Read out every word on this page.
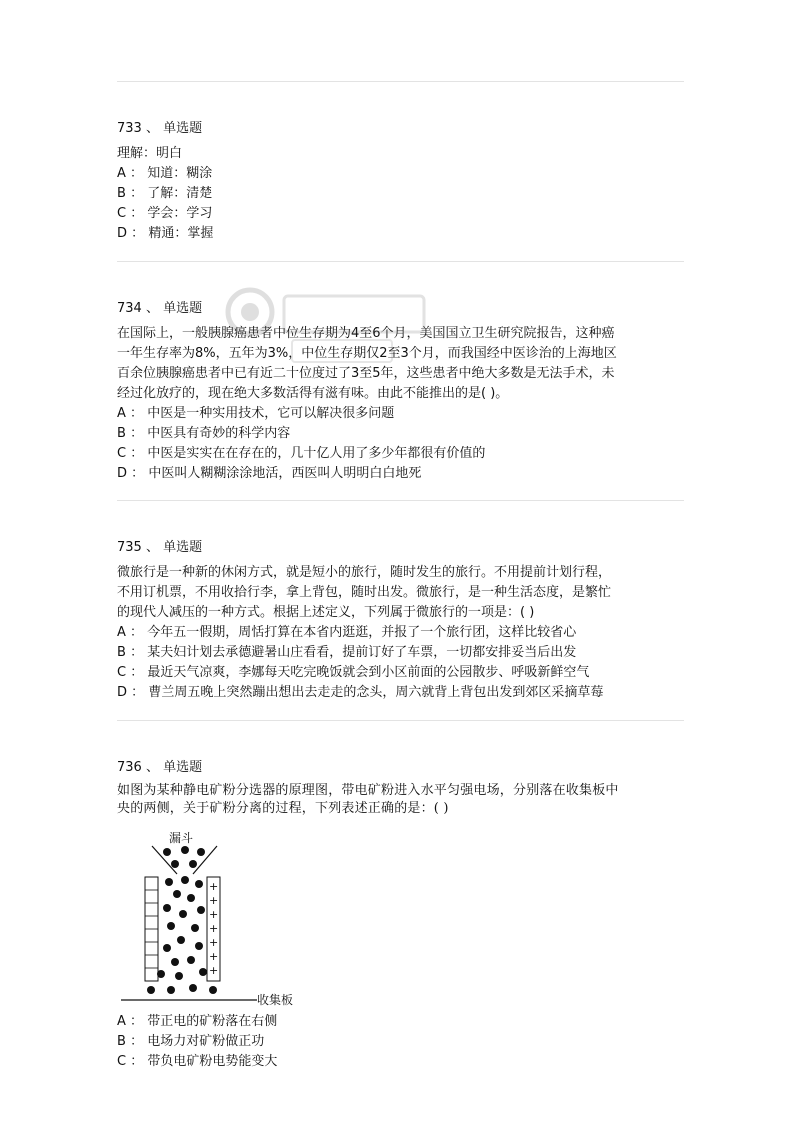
733 、 单选题
理解：明白
A ： 知道：糊涂
B ： 了解：清楚
C ： 学会：学习
D ： 精通：掌握
734 、 单选题
在国际上，一般胰腺癌患者中位生存期为4至6个月，美国国立卫生研究院报告，这种癌
一年生存率为8%，五年为3%，中位生存期仅2至3个月，而我国经中医诊治的上海地区
百余位胰腺癌患者中已有近二十位度过了3至5年，这些患者中绝大多数是无法手术，未
经过化放疗的，现在绝大多数活得有滋有味。由此不能推出的是( )。
A ： 中医是一种实用技术，它可以解决很多问题
B ： 中医具有奇妙的科学内容
C ： 中医是实实在在存在的，几十亿人用了多少年都很有价值的
D ： 中医叫人糊糊涂涂地活，西医叫人明明白白地死
735 、 单选题
微旅行是一种新的休闲方式，就是短小的旅行，随时发生的旅行。不用提前计划行程，
不用订机票，不用收拾行李，拿上背包，随时出发。微旅行，是一种生活态度，是繁忙
的现代人减压的一种方式。根据上述定义，下列属于微旅行的一项是：( )
A ： 今年五一假期，周恬打算在本省内逛逛，并报了一个旅行团，这样比较省心
B ： 某夫妇计划去承德避暑山庄看看，提前订好了车票，一切都安排妥当后出发
C ： 最近天气凉爽，李娜每天吃完晚饭就会到小区前面的公园散步、呼吸新鲜空气
D ： 曹兰周五晚上突然蹦出想出去走走的念头，周六就背上背包出发到郊区采摘草莓
736 、 单选题
如图为某种静电矿粉分选器的原理图，带电矿粉进入水平匀强电场，分别落在收集板中
央的两侧，关于矿粉分离的过程，下列表述正确的是：( )
漏斗
+
+
+
+
+
+
+
收集板
A ： 带正电的矿粉落在右侧
B ： 电场力对矿粉做正功
C ： 带负电矿粉电势能变大
